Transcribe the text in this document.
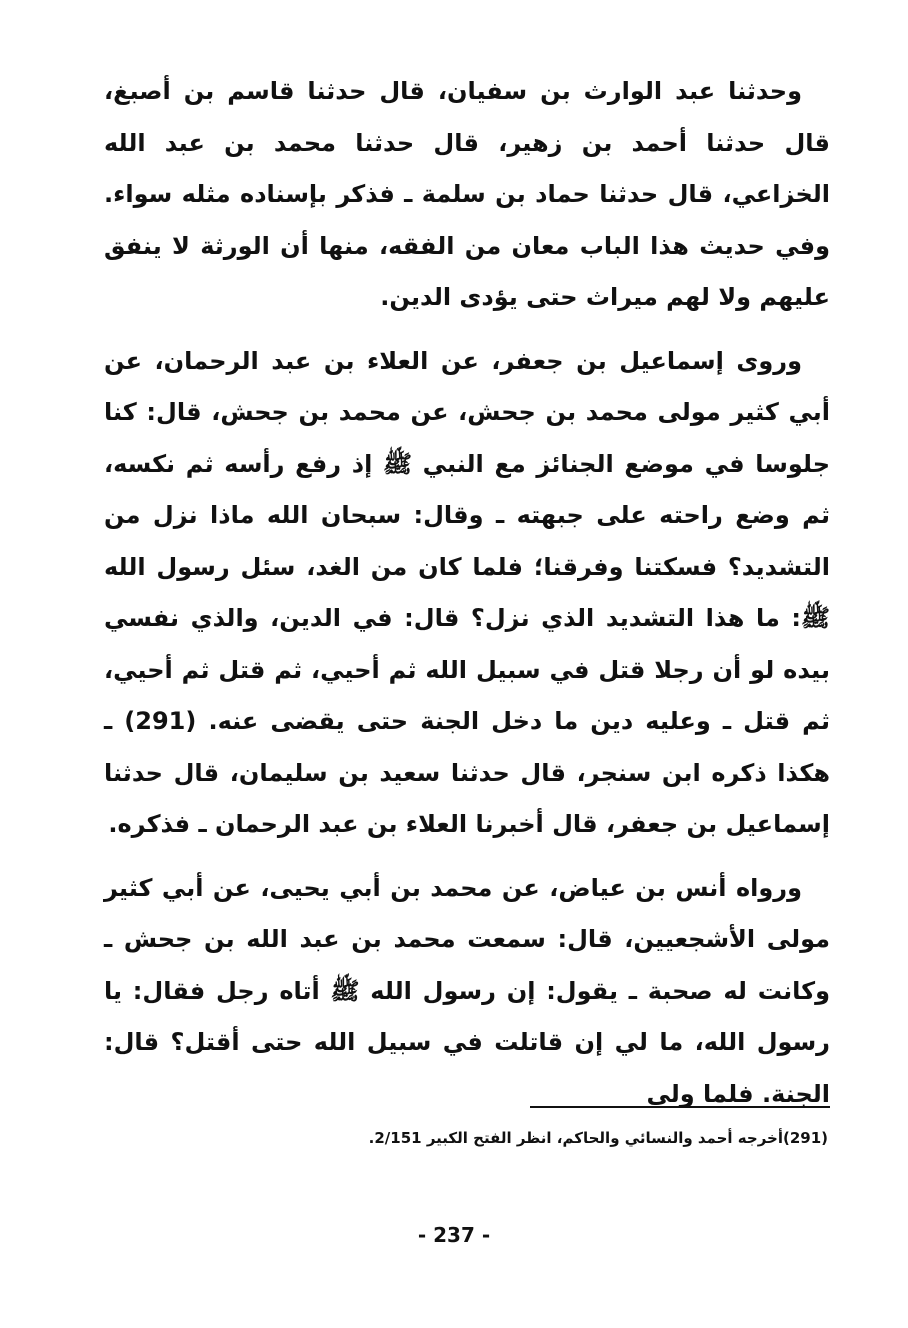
وحدثنا عبد الوارث بن سفيان، قال حدثنا قاسم بن أصبغ، قال حدثنا أحمد بن زهير، قال حدثنا محمد بن عبد الله الخزاعي، قال حدثنا حماد بن سلمة ـ فذكر بإسناده مثله سواء. وفي حديث هذا الباب معان من الفقه، منها أن الورثة لا ينفق عليهم ولا لهم ميراث حتى يؤدى الدين.

وروى إسماعيل بن جعفر، عن العلاء بن عبد الرحمان، عن أبي كثير مولى محمد بن جحش، عن محمد بن جحش، قال: كنا جلوسا في موضع الجنائز مع النبي ﷺ إذ رفع رأسه ثم نكسه، ثم وضع راحته على جبهته ـ وقال: سبحان الله ماذا نزل من التشديد؟ فسكتنا وفرقنا؛ فلما كان من الغد، سئل رسول الله ﷺ: ما هذا التشديد الذي نزل؟ قال: في الدين، والذي نفسي بيده لو أن رجلا قتل في سبيل الله ثم أحيي، ثم قتل ثم أحيي، ثم قتل ـ وعليه دين ما دخل الجنة حتى يقضى عنه. (291) ـ هكذا ذكره ابن سنجر، قال حدثنا سعيد بن سليمان، قال حدثنا إسماعيل بن جعفر، قال أخبرنا العلاء بن عبد الرحمان ـ فذكره.

ورواه أنس بن عياض، عن محمد بن أبي يحيى، عن أبي كثير مولى الأشجعيين، قال: سمعت محمد بن عبد الله بن جحش ـ وكانت له صحبة ـ يقول: إن رسول الله ﷺ أتاه رجل فقال: يا رسول الله، ما لي إن قاتلت في سبيل الله حتى أقتل؟ قال: الجنة. فلما ولى

(291)أخرجه أحمد والنسائي والحاكم، انظر الفتح الكبير 2/151.
- 237 -
